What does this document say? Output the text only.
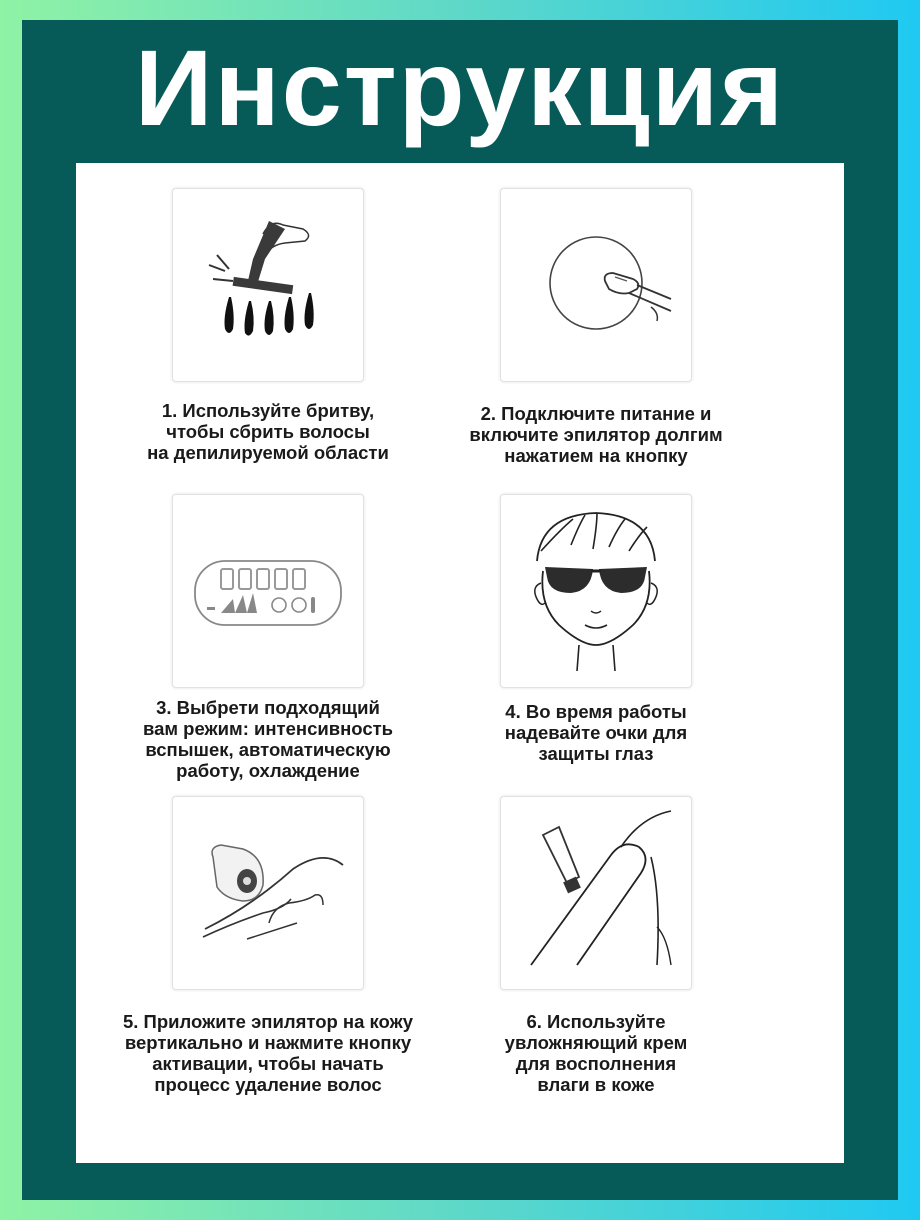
Инструкция
1. Используйте бритву,
чтобы сбрить волосы
на депилируемой области
2. Подключите питание и
включите эпилятор долгим
нажатием на кнопку
3. Выбрети подходящий
вам режим: интенсивность
вспышек, автоматическую
работу, охлаждение
4. Во время работы
надевайте очки для
защиты глаз
5. Приложите эпилятор на кожу
вертикально и нажмите кнопку
активации, чтобы начать
процесс удаление волос
6. Используйте
увложняющий крем
для восполнения
влаги в коже
